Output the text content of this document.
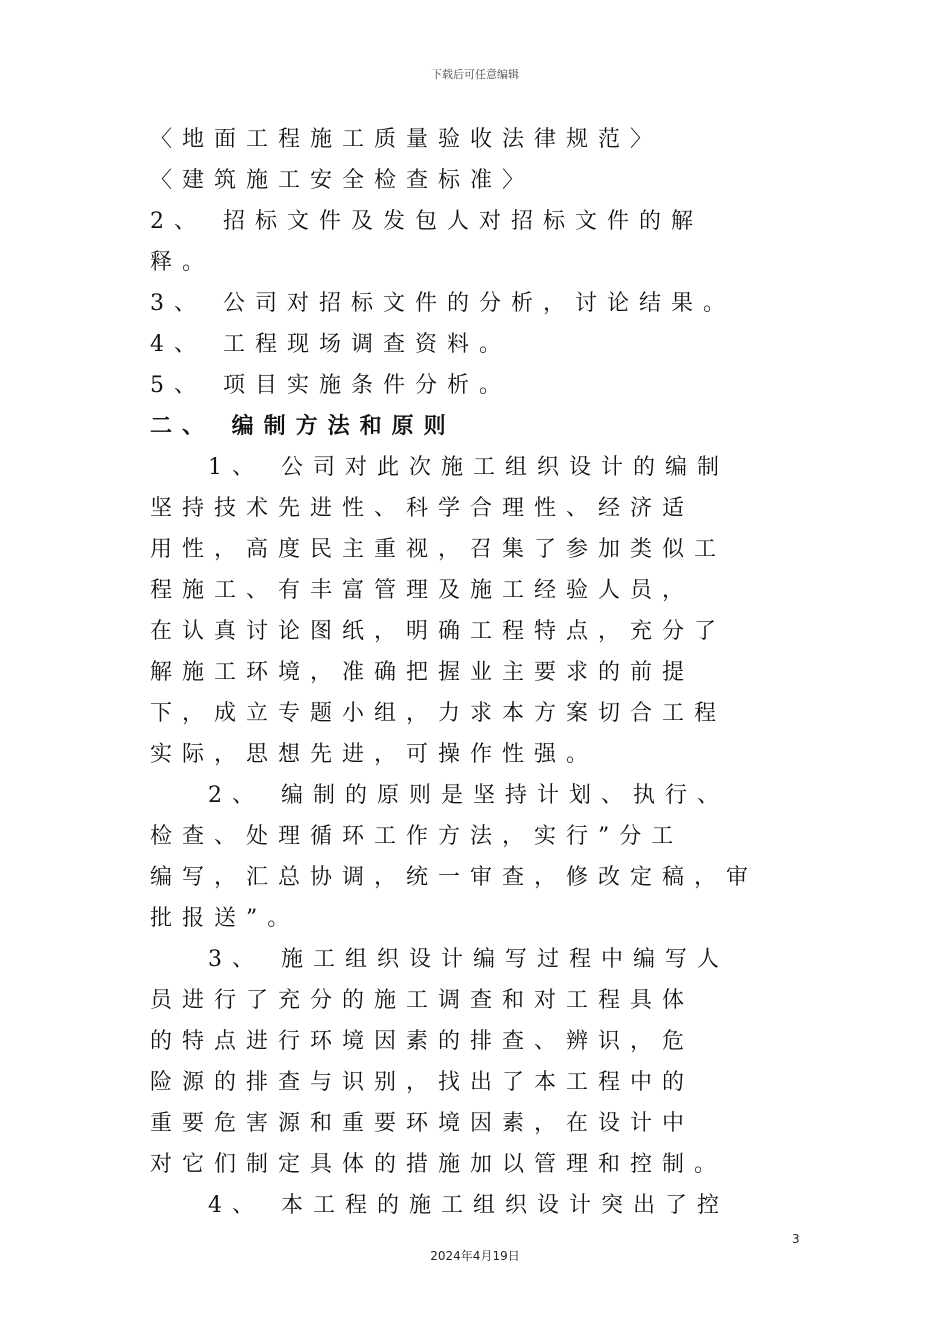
下载后可任意编辑
〈地面工程施工质量验收法律规范〉
〈建筑施工安全检查标准〉
2、 招标文件及发包人对招标文件的解
释。
3、 公司对招标文件的分析，讨论结果。
4、 工程现场调查资料。
5、 项目实施条件分析。
二、 编制方法和原则
1、 公司对此次施工组织设计的编制
坚持技术先进性、科学合理性、经济适
用性，高度民主重视，召集了参加类似工
程施工、有丰富管理及施工经验人员，
在认真讨论图纸，明确工程特点，充分了
解施工环境，准确把握业主要求的前提
下，成立专题小组，力求本方案切合工程
实际，思想先进，可操作性强。
2、 编制的原则是坚持计划、执行、
检查、处理循环工作方法，实行”分工
编写，汇总协调，统一审查，修改定稿，审
批报送”。
3、 施工组织设计编写过程中编写人
员进行了充分的施工调查和对工程具体
的特点进行环境因素的排查、辨识，危
险源的排查与识别，找出了本工程中的
重要危害源和重要环境因素，在设计中
对它们制定具体的措施加以管理和控制。
4、 本工程的施工组织设计突出了控
3
2024年4月19日
